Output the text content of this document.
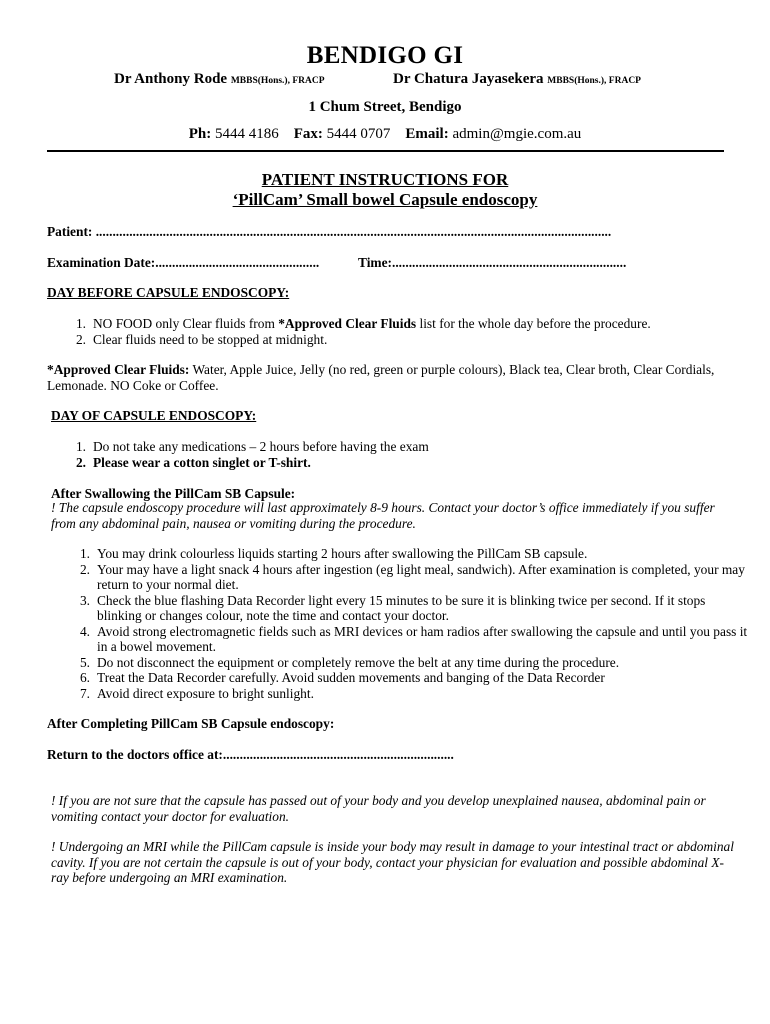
BENDIGO GI
Dr Anthony Rode MBBS(Hons.), FRACP	Dr Chatura Jayasekera MBBS(Hons.), FRACP
1 Chum Street, Bendigo
Ph: 5444 4186 Fax: 5444 0707 Email: admin@mgie.com.au
PATIENT INSTRUCTIONS FOR
‘PillCam’ Small bowel Capsule endoscopy
Patient: ..........................................................................................................................................................
Examination Date:.................................................	Time:......................................................................
DAY BEFORE CAPSULE ENDOSCOPY:
1. NO FOOD only Clear fluids from *Approved Clear Fluids list for the whole day before the procedure.
2. Clear fluids need to be stopped at midnight.
*Approved Clear Fluids: Water, Apple Juice, Jelly (no red, green or purple colours), Black tea, Clear broth, Clear Cordials, Lemonade. NO Coke or Coffee.
DAY OF CAPSULE ENDOSCOPY:
1. Do not take any medications – 2 hours before having the exam
2. Please wear a cotton singlet or T-shirt.
After Swallowing the PillCam SB Capsule:
! The capsule endoscopy procedure will last approximately 8-9 hours. Contact your doctor’s office immediately if you suffer from any abdominal pain, nausea or vomiting during the procedure.
1. You may drink colourless liquids starting 2 hours after swallowing the PillCam SB capsule.
2. Your may have a light snack 4 hours after ingestion (eg light meal, sandwich). After examination is completed, your may return to your normal diet.
3. Check the blue flashing Data Recorder light every 15 minutes to be sure it is blinking twice per second. If it stops blinking or changes colour, note the time and contact your doctor.
4. Avoid strong electromagnetic fields such as MRI devices or ham radios after swallowing the capsule and until you pass it in a bowel movement.
5. Do not disconnect the equipment or completely remove the belt at any time during the procedure.
6. Treat the Data Recorder carefully. Avoid sudden movements and banging of the Data Recorder
7. Avoid direct exposure to bright sunlight.
After Completing PillCam SB Capsule endoscopy:
Return to the doctors office at:.....................................................................
! If you are not sure that the capsule has passed out of your body and you develop unexplained nausea, abdominal pain or vomiting contact your doctor for evaluation.
! Undergoing an MRI while the PillCam capsule is inside your body may result in damage to your intestinal tract or abdominal cavity. If you are not certain the capsule is out of your body, contact your physician for evaluation and possible abdominal X-ray before undergoing an MRI examination.
